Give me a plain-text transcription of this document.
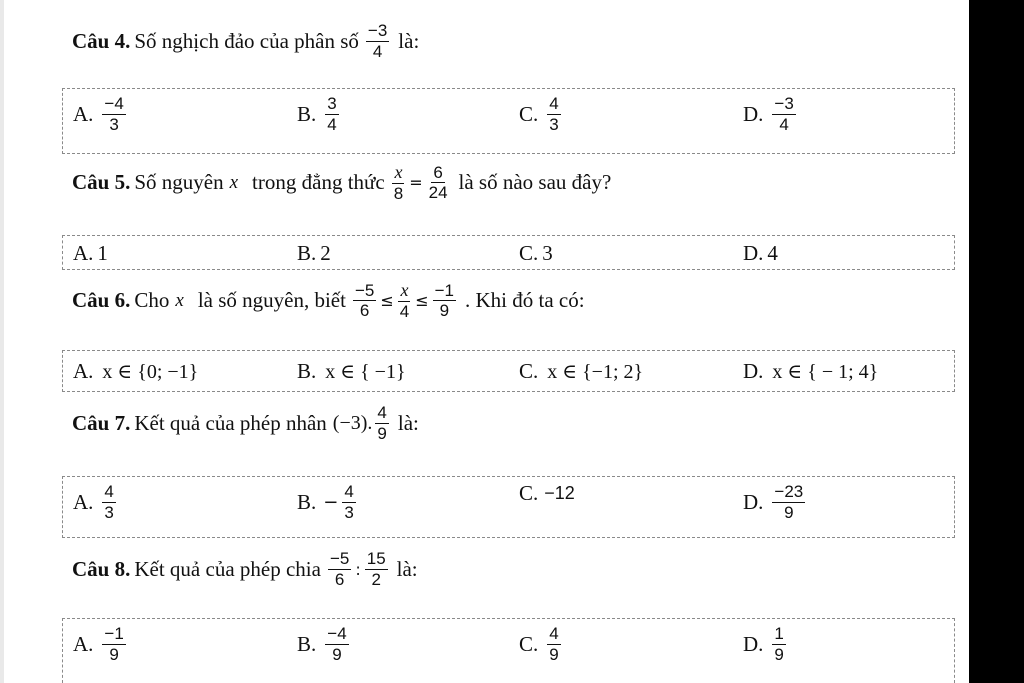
Câu 4. Số nghịch đảo của phân số $\frac{-3}{4}$ là:
A. $\frac{-4}{3}$	B. $\frac{3}{4}$	C. $\frac{4}{3}$	D. $\frac{-3}{4}$
Câu 5. Số nguyên x trong đẳng thức $\frac{x}{8} = \frac{6}{24}$ là số nào sau đây?
A. 1	B. 2	C. 3	D. 4
Câu 6. Cho x là số nguyên, biết $\frac{-5}{6} \le \frac{x}{4} \le \frac{-1}{9}$ . Khi đó ta có:
A. x ∈ {0; −1}	B. x ∈ { −1}	C. x ∈ {−1; 2}	D. x ∈ { − 1; 4}
Câu 7. Kết quả của phép nhân (−3). $\frac{4}{9}$ là:
A. $\frac{4}{3}$	B. − $\frac{4}{3}$	C. −12	D. $\frac{-23}{9}$
Câu 8. Kết quả của phép chia $\frac{-5}{6}$ : $\frac{15}{2}$ là:
A. $\frac{-1}{9}$	B. $\frac{-4}{9}$	C. $\frac{4}{9}$	D. $\frac{1}{9}$
